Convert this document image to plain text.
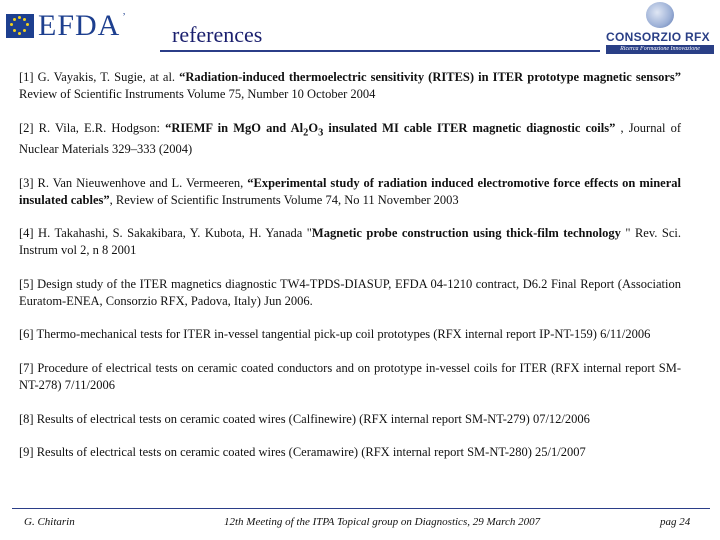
EFDA ’
references	CONSORZIO RFX
Ricerca Formazione Innovazione

[1] G. Vayakis, T. Sugie, at al. “Radiation-induced thermoelectric sensitivity (RITES) in ITER prototype magnetic sensors” Review of Scientific Instruments Volume 75, Number 10 October 2004

[2] R. Vila, E.R. Hodgson: “RIEMF in MgO and $Al_2O_3$ insulated MI cable ITER magnetic diagnostic coils” , Journal of Nuclear Materials 329–333 (2004)

[3] R. Van Nieuwenhove and L. Vermeeren, “Experimental study of radiation induced electromotive force effects on mineral insulated cables”, Review of Scientific Instruments Volume 74, No 11 November 2003

[4] H. Takahashi, S. Sakakibara, Y. Kubota, H. Yanada "Magnetic probe construction using thick-film technology " Rev. Sci. Instrum vol 2, n 8 2001

[5] Design study of the ITER magnetics diagnostic TW4-TPDS-DIASUP, EFDA 04-1210 contract, D6.2 Final Report (Association Euratom-ENEA, Consorzio RFX, Padova, Italy) Jun 2006.

[6] Thermo-mechanical tests for ITER in-vessel tangential pick-up coil prototypes (RFX internal report IP-NT-159) 6/11/2006

[7] Procedure of electrical tests on ceramic coated conductors and on prototype in-vessel coils for ITER (RFX internal report SM-NT-278) 7/11/2006

[8] Results of electrical tests on ceramic coated wires (Calfinewire) (RFX internal report SM-NT-279) 07/12/2006

[9] Results of electrical tests on ceramic coated wires (Ceramawire) (RFX internal report SM-NT-280) 25/1/2007

G. Chitarin	12th Meeting of the ITPA Topical group on Diagnostics, 29 March 2007	pag 24
